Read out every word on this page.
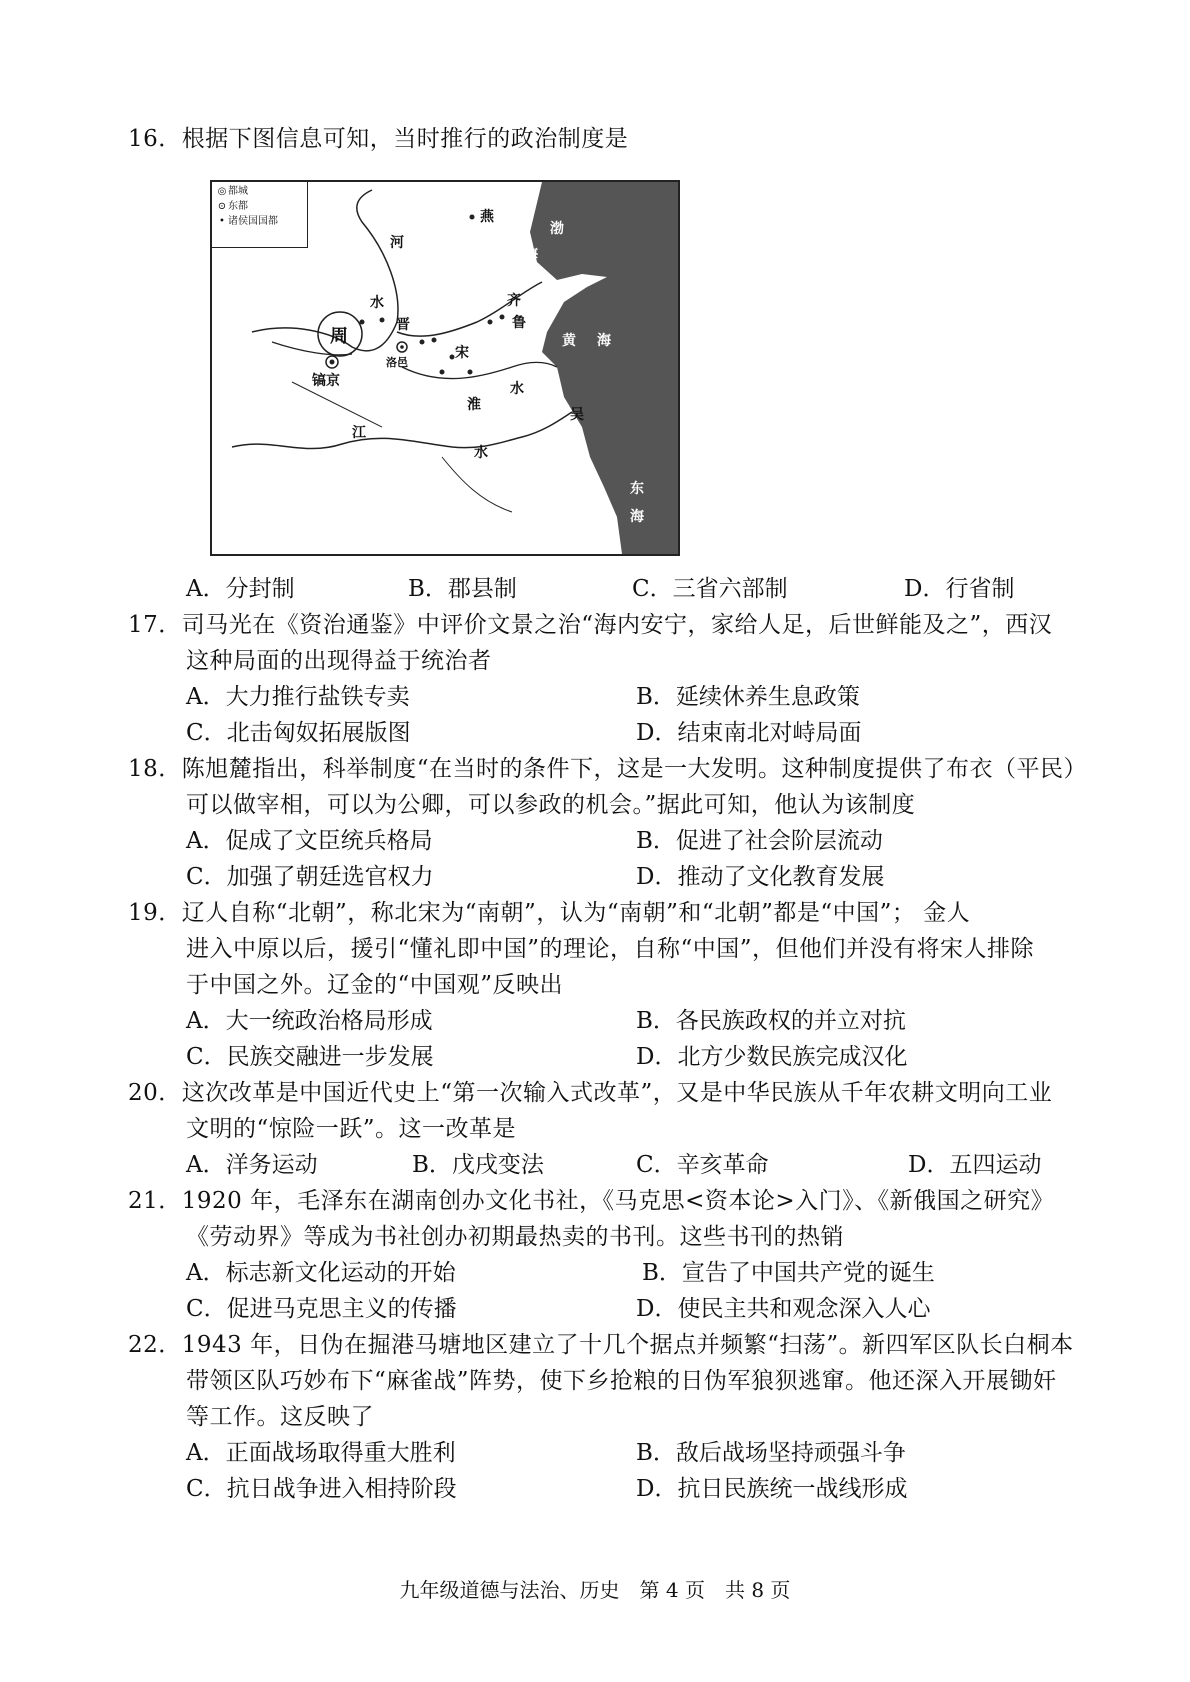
16．根据下图信息可知，当时推行的政治制度是
◎ 都城
⊙ 东都
• 诸侯国国都	燕
渤
海
河
水
晋
齐
鲁
周
洛邑
宋
黄 海
镐京
淮
水
江
水
吴
东
海
A．分封制	B．郡县制	C．三省六部制	D．行省制
17．司马光在《资治通鉴》中评价文景之治“海内安宁，家给人足，后世鲜能及之”，西汉
这种局面的出现得益于统治者
A．大力推行盐铁专卖	B．延续休养生息政策
C．北击匈奴拓展版图	D．结束南北对峙局面
18．陈旭麓指出，科举制度“在当时的条件下，这是一大发明。这种制度提供了布衣（平民）
可以做宰相，可以为公卿，可以参政的机会。”据此可知，他认为该制度
A．促成了文臣统兵格局	B．促进了社会阶层流动
C．加强了朝廷选官权力	D．推动了文化教育发展
19．辽人自称“北朝”，称北宋为“南朝”，认为“南朝”和“北朝”都是“中国”； 金人
进入中原以后，援引“懂礼即中国”的理论，自称“中国”，但他们并没有将宋人排除
于中国之外。辽金的“中国观”反映出
A．大一统政治格局形成	B．各民族政权的并立对抗
C．民族交融进一步发展	D．北方少数民族完成汉化
20．这次改革是中国近代史上“第一次输入式改革”，又是中华民族从千年农耕文明向工业
文明的“惊险一跃”。这一改革是
A．洋务运动	B．戊戌变法	C．辛亥革命	D．五四运动
21．1920 年，毛泽东在湖南创办文化书社，《马克思<资本论>入门》、《新俄国之研究》
《劳动界》等成为书社创办初期最热卖的书刊。这些书刊的热销
A．标志新文化运动的开始	B．宣告了中国共产党的诞生
C．促进马克思主义的传播	D．使民主共和观念深入人心
22．1943 年，日伪在掘港马塘地区建立了十几个据点并频繁“扫荡”。新四军区队长白桐本
带领区队巧妙布下“麻雀战”阵势，使下乡抢粮的日伪军狼狈逃窜。他还深入开展锄奸
等工作。这反映了
A．正面战场取得重大胜利	B．敌后战场坚持顽强斗争
C．抗日战争进入相持阶段	D．抗日民族统一战线形成
九年级道德与法治、历史　第 4 页　共 8 页
